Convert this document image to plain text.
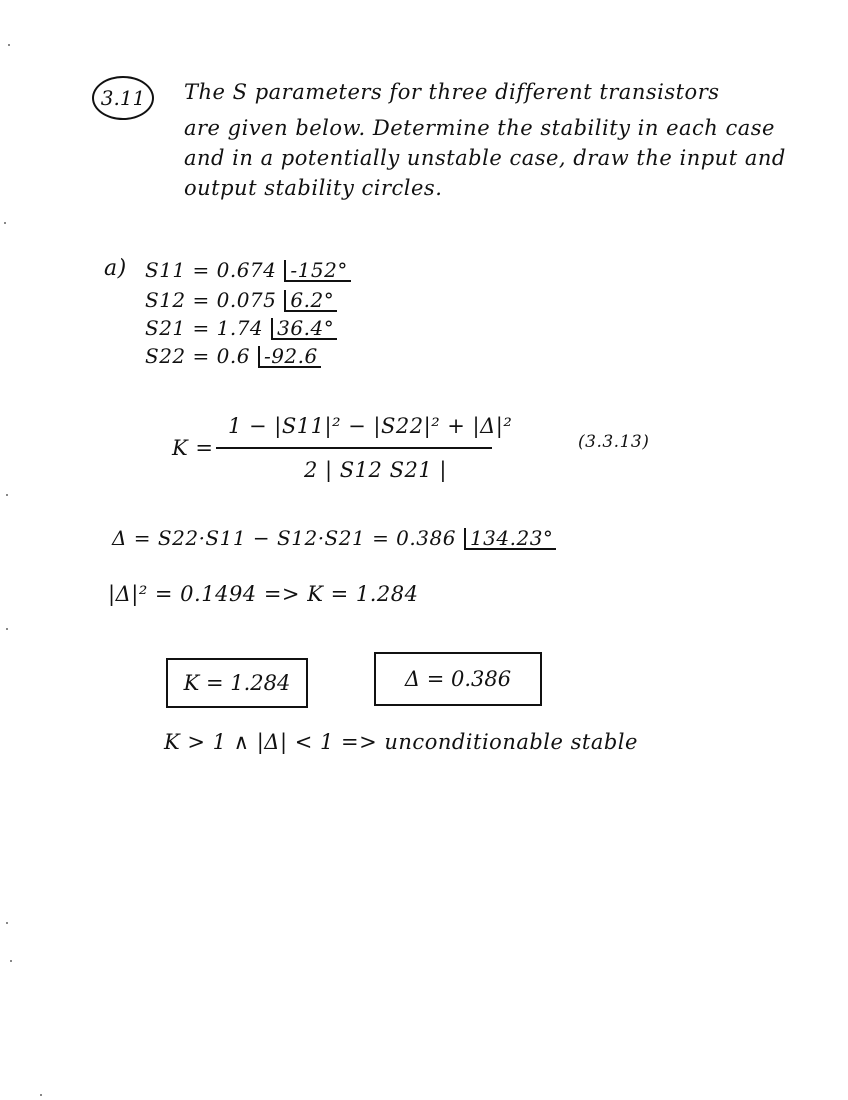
3.11	The S parameters for three different transistors
are given below. Determine the stability in each case
and in a potentially unstable case, draw the input and
output stability circles.
a) S11 = 0.674 -152°
S12 = 0.075 6.2°
S21 = 1.74 36.4°
S22 = 0.6 -92.6
K =
1 − |S11|² − |S22|² + |Δ|²
2 | S12 S21 |
(3.3.13)
Δ = S22·S11 − S12·S21 = 0.386 134.23°
|Δ|² = 0.1494 => K = 1.284
K = 1.284	Δ = 0.386
K > 1 ∧ |Δ| < 1 => unconditionable stable
